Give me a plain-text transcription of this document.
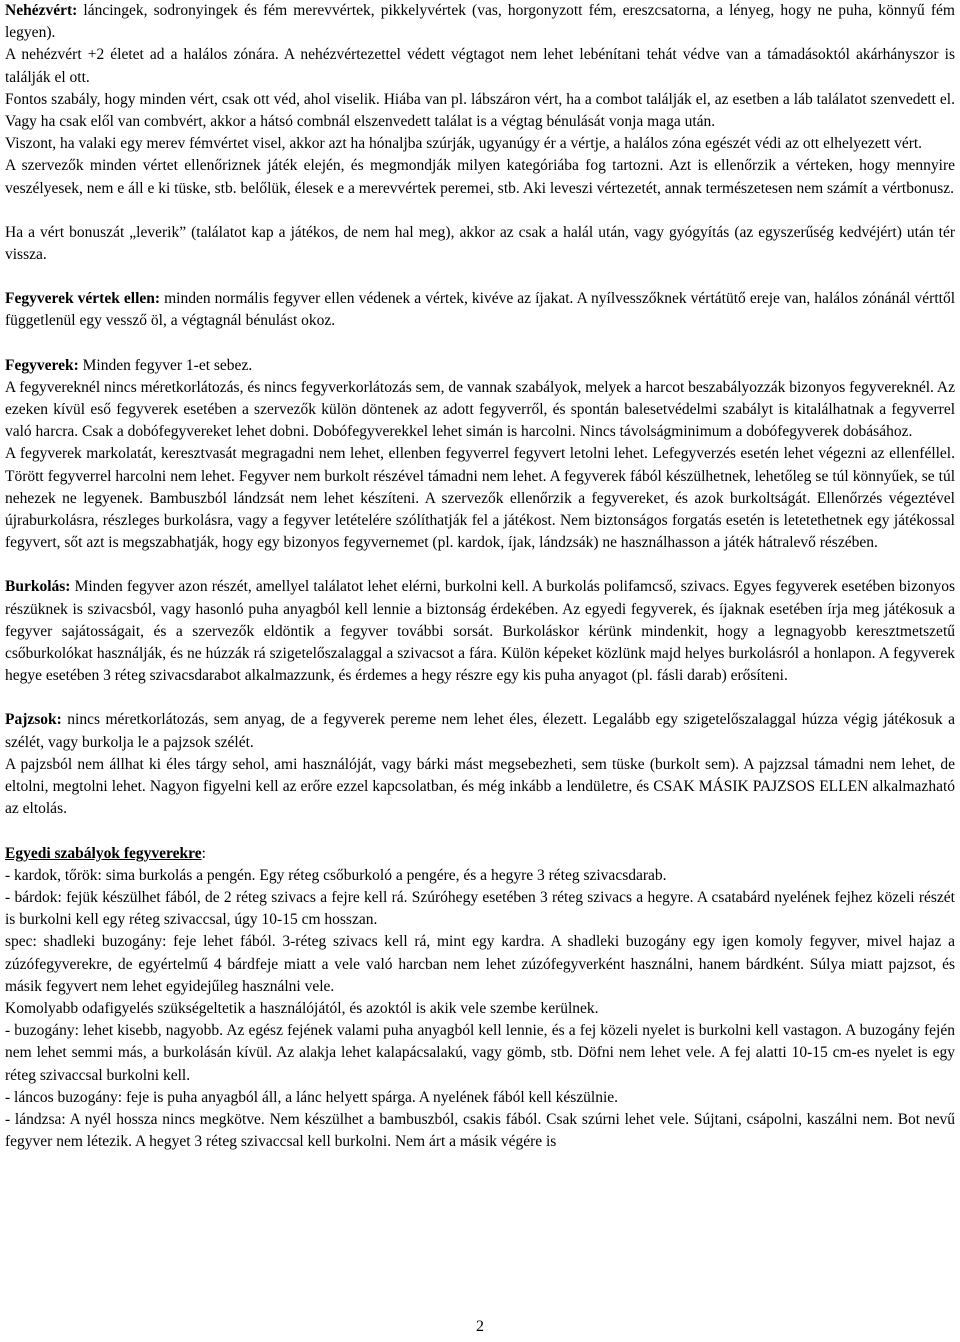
Nehézvért: láncingek, sodronyingek és fém merevvértek, pikkelyvértek (vas, horgonyzott fém, ereszcsatorna, a lényeg, hogy ne puha, könnyű fém legyen).

A nehézvért +2 életet ad a halálos zónára. A nehézvértezettel védett végtagot nem lehet lebénítani tehát védve van a támadásoktól akárhányszor is találják el ott.

Fontos szabály, hogy minden vért, csak ott véd, ahol viselik. Hiába van pl. lábszáron vért, ha a combot találják el, az esetben a láb találatot szenvedett el. Vagy ha csak elől van combvért, akkor a hátsó combnál elszenvedett találat is a végtag bénulását vonja maga után.

Viszont, ha valaki egy merev fémvértet visel, akkor azt ha hónaljba szúrják, ugyanúgy ér a vértje, a halálos zóna egészét védi az ott elhelyezett vért.

A szervezők minden vértet ellenőriznek játék elején, és megmondják milyen kategóriába fog tartozni. Azt is ellenőrzik a vérteken, hogy mennyire veszélyesek, nem e áll e ki tüske, stb. belőlük, élesek e a merevvértek peremei, stb. Aki leveszi vértezetét, annak természetesen nem számít a vértbonusz.

Ha a vért bonuszát „leverik” (találatot kap a játékos, de nem hal meg), akkor az csak a halál után, vagy gyógyítás (az egyszerűség kedvéjért) után tér vissza.

Fegyverek vértek ellen: minden normális fegyver ellen védenek a vértek, kivéve az íjakat. A nyílvesszőknek vértátütő ereje van, halálos zónánál vérttől függetlenül egy vessző öl, a végtagnál bénulást okoz.

Fegyverek: Minden fegyver 1-et sebez.

A fegyvereknél nincs méretkorlátozás, és nincs fegyverkorlátozás sem, de vannak szabályok, melyek a harcot beszabályozzák bizonyos fegyvereknél. Az ezeken kívül eső fegyverek esetében a szervezők külön döntenek az adott fegyverről, és spontán balesetvédelmi szabályt is kitalálhatnak a fegyverrel való harcra. Csak a dobófegyvereket lehet dobni. Dobófegyverekkel lehet simán is harcolni. Nincs távolságminimum a dobófegyverek dobásához.

A fegyverek markolatát, keresztvasát megragadni nem lehet, ellenben fegyverrel fegyvert letolni lehet. Lefegyverzés esetén lehet végezni az ellenféllel. Törött fegyverrel harcolni nem lehet. Fegyver nem burkolt részével támadni nem lehet. A fegyverek fából készülhetnek, lehetőleg se túl könnyűek, se túl nehezek ne legyenek. Bambuszból lándzsát nem lehet készíteni. A szervezők ellenőrzik a fegyvereket, és azok burkoltságát. Ellenőrzés végeztével újraburkolásra, részleges burkolásra, vagy a fegyver letételére szólíthatják fel a játékost. Nem biztonságos forgatás esetén is letetethetnek egy játékossal fegyvert, sőt azt is megszabhatják, hogy egy bizonyos fegyvernemet (pl. kardok, íjak, lándzsák) ne használhasson a játék hátralevő részében.

Burkolás: Minden fegyver azon részét, amellyel találatot lehet elérni, burkolni kell. A burkolás polifamcső, szivacs. Egyes fegyverek esetében bizonyos részüknek is szivacsból, vagy hasonló puha anyagból kell lennie a biztonság érdekében. Az egyedi fegyverek, és íjaknak esetében írja meg játékosuk a fegyver sajátosságait, és a szervezők eldöntik a fegyver további sorsát. Burkoláskor kérünk mindenkit, hogy a legnagyobb keresztmetszetű csőburkolókat használják, és ne húzzák rá szigetelőszalaggal a szivacsot a fára. Külön képeket közlünk majd helyes burkolásról a honlapon. A fegyverek hegye esetében 3 réteg szivacsdarabot alkalmazzunk, és érdemes a hegy részre egy kis puha anyagot (pl. fásli darab) erősíteni.

Pajzsok: nincs méretkorlátozás, sem anyag, de a fegyverek pereme nem lehet éles, élezett. Legalább egy szigetelőszalaggal húzza végig játékosuk a szélét, vagy burkolja le a pajzsok szélét.

A pajzsból nem állhat ki éles tárgy sehol, ami használóját, vagy bárki mást megsebezheti, sem tüske (burkolt sem). A pajzzsal támadni nem lehet, de eltolni, megtolni lehet. Nagyon figyelni kell az erőre ezzel kapcsolatban, és még inkább a lendületre, és CSAK MÁSIK PAJZSOS ELLEN alkalmazható az eltolás.

Egyedi szabályok fegyverekre:

- kardok, tőrök: sima burkolás a pengén. Egy réteg csőburkoló a pengére, és a hegyre 3 réteg szivacsdarab.

- bárdok: fejük készülhet fából, de 2 réteg szivacs a fejre kell rá. Szúróhegy esetében 3 réteg szivacs a hegyre. A csatabárd nyelének fejhez közeli részét is burkolni kell egy réteg szivaccsal, úgy 10-15 cm hosszan.

spec: shadleki buzogány: feje lehet fából. 3-réteg szivacs kell rá, mint egy kardra. A shadleki buzogány egy igen komoly fegyver, mivel hajaz a zúzófegyverekre, de egyértelmű 4 bárdfeje miatt a vele való harcban nem lehet zúzófegyverként használni, hanem bárdként. Súlya miatt pajzsot, és másik fegyvert nem lehet egyidejűleg használni vele.

Komolyabb odafigyelés szükségeltetik a használójától, és azoktól is akik vele szembe kerülnek.

- buzogány: lehet kisebb, nagyobb. Az egész fejének valami puha anyagból kell lennie, és a fej közeli nyelet is burkolni kell vastagon. A buzogány fején nem lehet semmi más, a burkolásán kívül. Az alakja lehet kalapácsalakú, vagy gömb, stb. Döfni nem lehet vele. A fej alatti 10-15 cm-es nyelet is egy réteg szivaccsal burkolni kell.

- láncos buzogány: feje is puha anyagból áll, a lánc helyett spárga. A nyelének fából kell készülnie.

- lándzsa: A nyél hossza nincs megkötve. Nem készülhet a bambuszból, csakis fából. Csak szúrni lehet vele. Sújtani, csápolni, kaszálni nem. Bot nevű fegyver nem létezik. A hegyet 3 réteg szivaccsal kell burkolni. Nem árt a másik végére is

2
